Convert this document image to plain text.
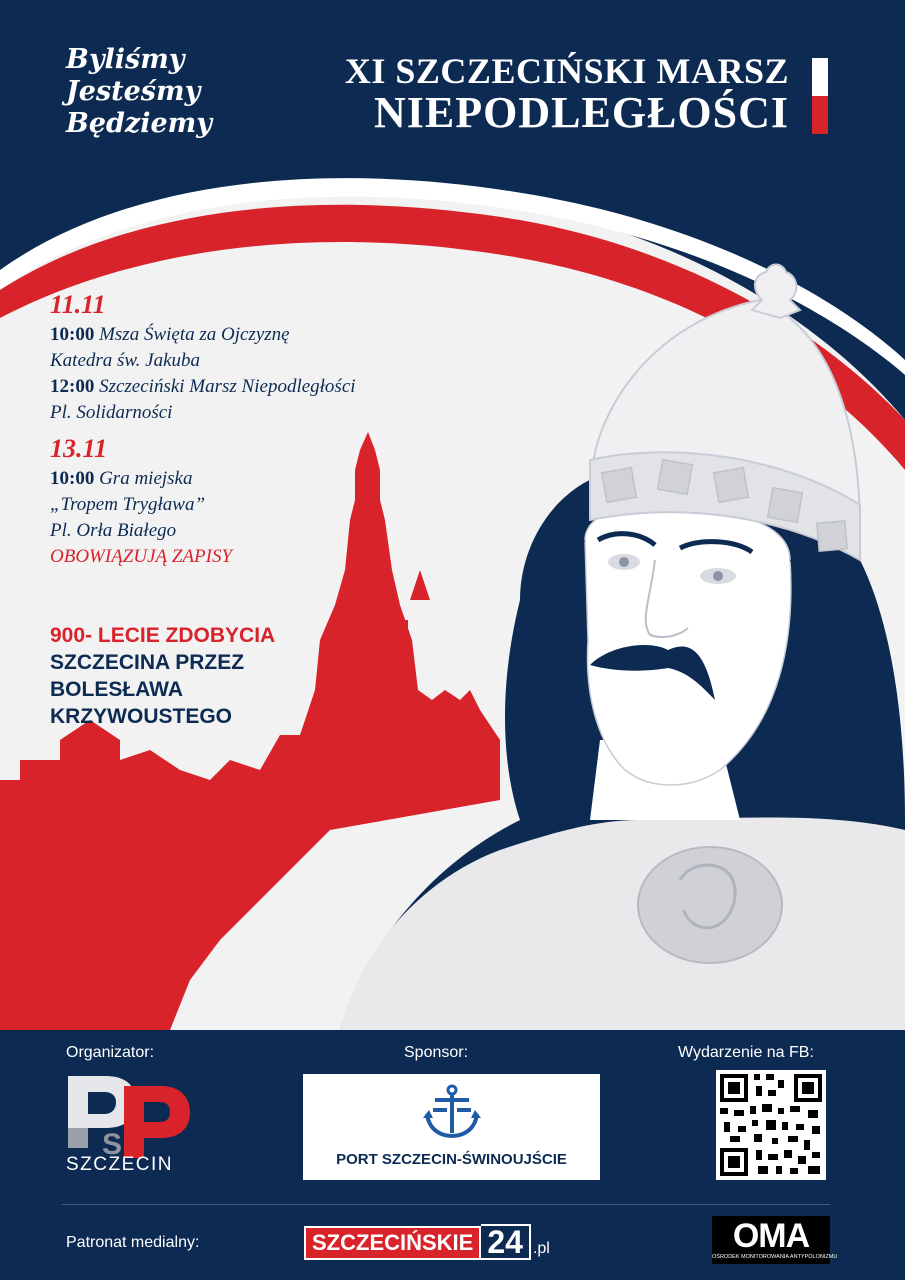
Byliśmy
Jesteśmy
Będziemy
XI SZCZECIŃSKI MARSZ
NIEPODLEGŁOŚCI
11.11
10:00 Msza Święta za Ojczyznę
Katedra św. Jakuba
12:00 Szczeciński Marsz Niepodległości
Pl. Solidarności
13.11
10:00 Gra miejska
„Tropem Trygława”
Pl. Orła Białego
OBOWIĄZUJĄ ZAPISY
900- LECIE ZDOBYCIA
SZCZECINA PRZEZ
BOLESŁAWA
KRZYWOUSTEGO
Organizator:	Sponsor:	Wydarzenie na FB:
S
SZCZECIN	PORT SZCZECIN-ŚWINOUJŚCIE
Patronat medialny:	SZCZECIŃSKIE 24 .pl	OMA
OŚRODEK MONITOROWANIA ANTYPOLONIZMU
